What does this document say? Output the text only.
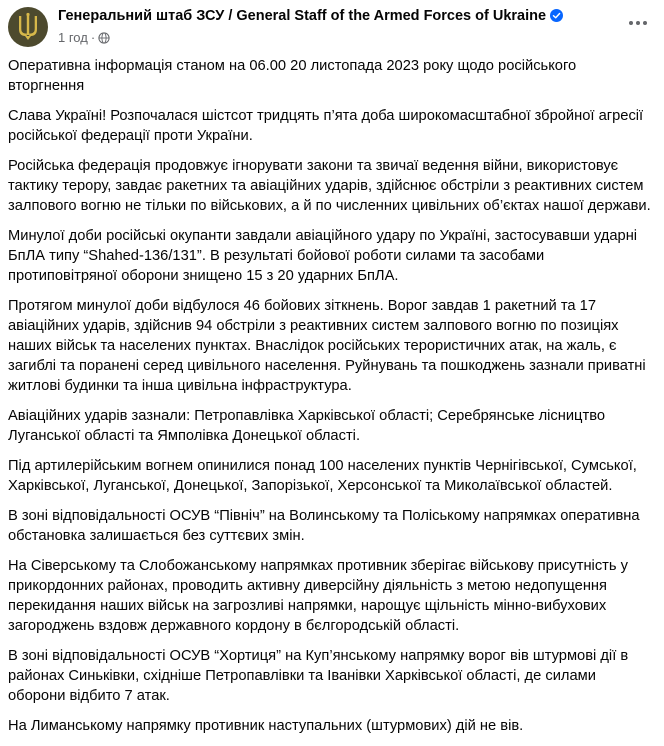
Генеральний штаб ЗСУ / General Staff of the Armed Forces of Ukraine
1 год ·

Оперативна інформація станом на 06.00 20 листопада 2023 року щодо російського вторгнення

Слава Україні! Розпочалася шістсот тридцять п’ята доба широкомасштабної збройної агресії російської федерації проти України.

Російська федерація продовжує ігнорувати закони та звичаї ведення війни, використовує тактику терору, завдає ракетних та авіаційних ударів, здійснює обстріли з реактивних систем залпового вогню не тільки по військових, а й по численних цивільних об’єктах нашої держави.

Минулої доби російські окупанти завдали авіаційного удару по Україні, застосувавши ударні БпЛА типу “Shahed-136/131”. В результаті бойової роботи силами та засобами протиповітряної оборони знищено 15 з 20 ударних БпЛА.

Протягом минулої доби відбулося 46 бойових зіткнень. Ворог завдав 1 ракетний та 17 авіаційних ударів, здійснив 94 обстріли з реактивних систем залпового вогню по позиціях наших військ та населених пунктах. Внаслідок російських терористичних атак, на жаль, є загиблі та поранені серед цивільного населення. Руйнувань та пошкоджень зазнали приватні житлові будинки та інша цивільна інфраструктура.

Авіаційних ударів зазнали: Петропавлівка Харківської області; Серебрянське лісництво Луганської області та Ямполівка Донецької області.

Під артилерійським вогнем опинилися понад 100 населених пунктів Чернігівської, Сумської, Харківської, Луганської, Донецької, Запорізької, Херсонської та Миколаївської областей.

В зоні відповідальності ОСУВ “Північ” на Волинському та Поліському напрямках оперативна обстановка залишається без суттєвих змін.

На Сіверському та Слобожанському напрямках противник зберігає військову присутність у прикордонних районах, проводить активну диверсійну діяльність з метою недопущення перекидання наших військ на загрозливі напрямки, нарощує щільність мінно-вибухових загороджень вздовж державного кордону в бєлгородській області.

В зоні відповідальності ОСУВ “Хортиця” на Куп’янському напрямку ворог вів штурмові дії в районах Синьківки, східніше Петропавлівки та Іванівки Харківської області, де силами оборони відбито 7 атак.

На Лиманському напрямку противник наступальних (штурмових) дій не вів.
